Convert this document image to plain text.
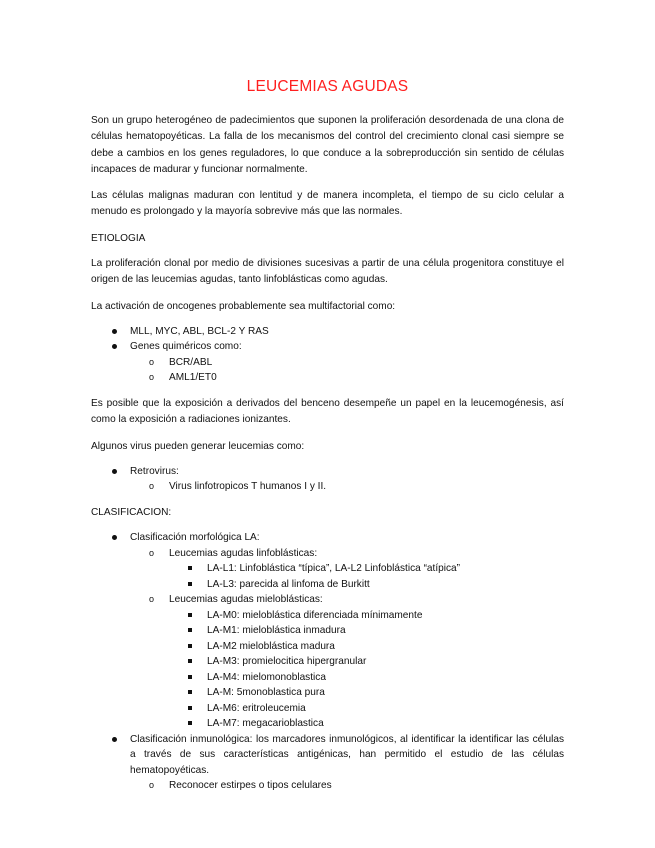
LEUCEMIAS AGUDAS

Son un grupo heterogéneo de padecimientos que suponen la proliferación desordenada de una clona de células hematopoyéticas. La falla de los mecanismos del control del crecimiento clonal casi siempre se debe a cambios en los genes reguladores, lo que conduce a la sobreproducción sin sentido de células incapaces de madurar y funcionar normalmente.

Las células malignas maduran con lentitud y de manera incompleta, el tiempo de su ciclo celular a menudo es prolongado y la mayoría sobrevive más que las normales.

ETIOLOGIA

La proliferación clonal por medio de divisiones sucesivas a partir de una célula progenitora constituye el origen de las leucemias agudas, tanto linfoblásticas como agudas.

La activación de oncogenes probablemente sea multifactorial como:

MLL, MYC, ABL, BCL-2 Y RAS
Genes quiméricos como:
o BCR/ABL
o AML1/ET0

Es posible que la exposición a derivados del benceno desempeñe un papel en la leucemogénesis, así como la exposición a radiaciones ionizantes.

Algunos virus pueden generar leucemias como:

Retrovirus:
o Virus linfotropicos T humanos I y II.

CLASIFICACION:

Clasificación morfológica LA:
o Leucemias agudas linfoblásticas:
LA-L1: Linfoblástica “típica”, LA-L2 Linfoblástica “atípica”
LA-L3: parecida al linfoma de Burkitt
o Leucemias agudas mieloblásticas:
LA-M0: mieloblástica diferenciada mínimamente
LA-M1: mieloblástica inmadura
LA-M2 mieloblástica madura
LA-M3: promielocitica hipergranular
LA-M4: mielomonoblastica
LA-M: 5monoblastica pura
LA-M6: eritroleucemia
LA-M7: megacarioblastica
Clasificación inmunológica: los marcadores inmunológicos, al identificar la identificar las células a través de sus características antigénicas, han permitido el estudio de las células hematopoyéticas.
o Reconocer estirpes o tipos celulares
